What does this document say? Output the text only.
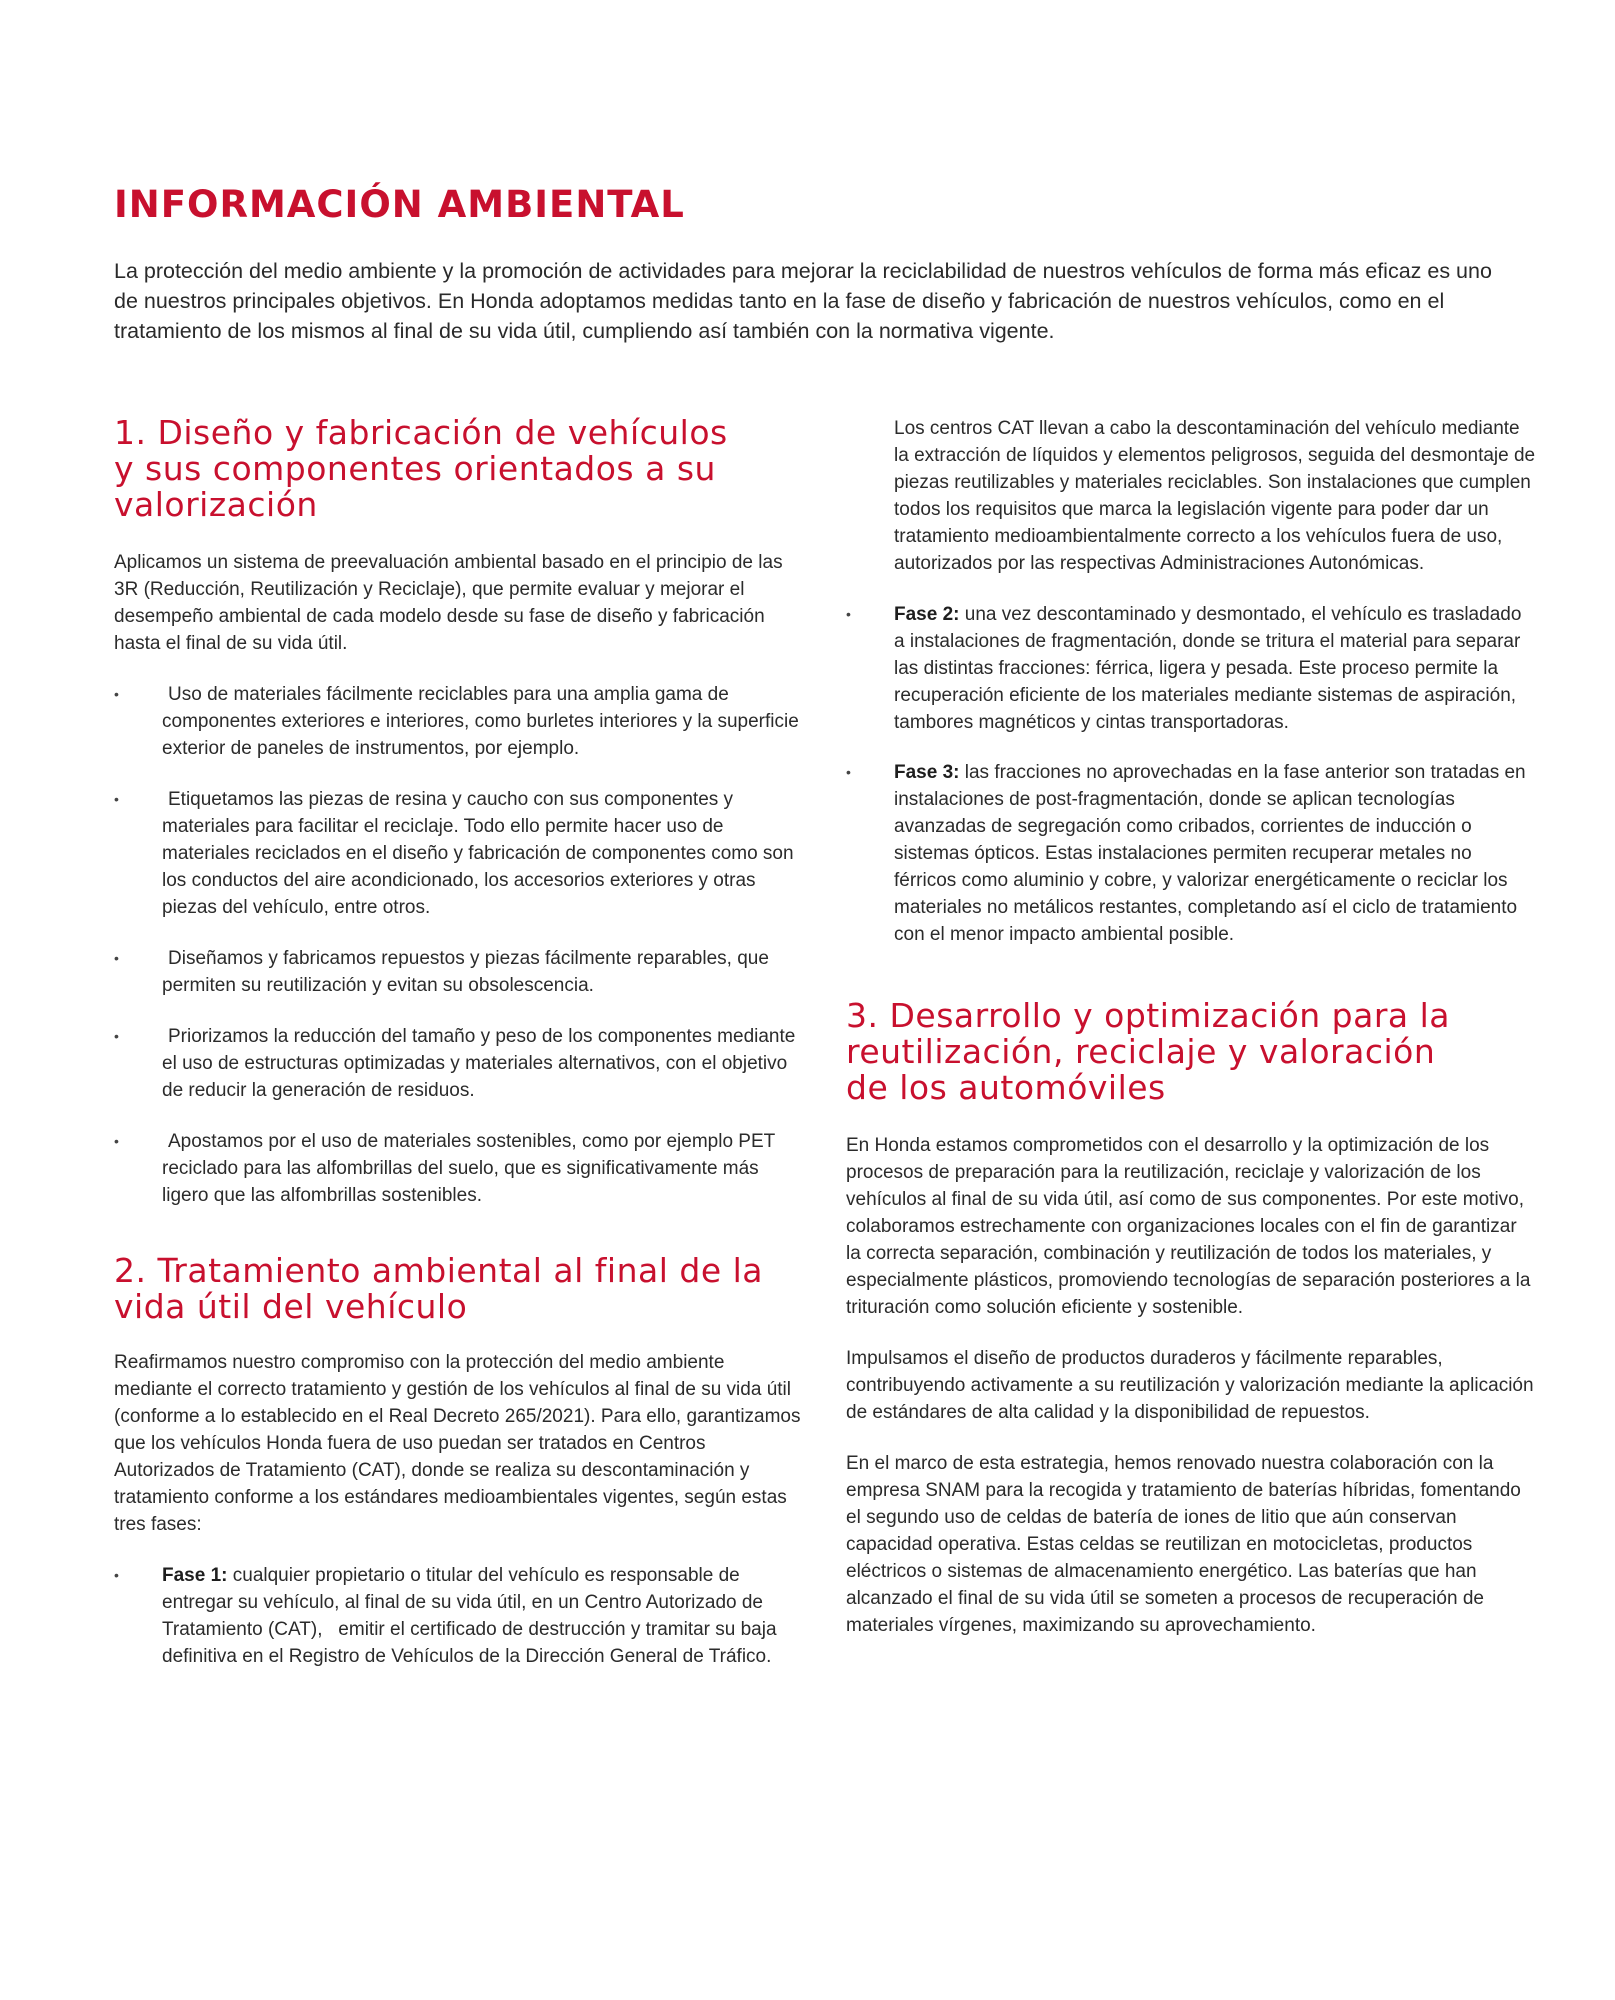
INFORMACIÓN AMBIENTAL

La protección del medio ambiente y la promoción de actividades para mejorar la reciclabilidad de nuestros vehículos de forma más eficaz es uno de nuestros principales objetivos. En Honda adoptamos medidas tanto en la fase de diseño y fabricación de nuestros vehículos, como en el tratamiento de los mismos al final de su vida útil, cumpliendo así también con la normativa vigente.

1. Diseño y fabricación de vehículos y sus componentes orientados a su valorización

Aplicamos un sistema de preevaluación ambiental basado en el principio de las 3R (Reducción, Reutilización y Reciclaje), que permite evaluar y mejorar el desempeño ambiental de cada modelo desde su fase de diseño y fabricación hasta el final de su vida útil.

•	Uso de materiales fácilmente reciclables para una amplia gama de componentes exteriores e interiores, como burletes interiores y la superficie exterior de paneles de instrumentos, por ejemplo.
•	Etiquetamos las piezas de resina y caucho con sus componentes y materiales para facilitar el reciclaje. Todo ello permite hacer uso de materiales reciclados en el diseño y fabricación de componentes como son los conductos del aire acondicionado, los accesorios exteriores y otras piezas del vehículo, entre otros.
•	Diseñamos y fabricamos repuestos y piezas fácilmente reparables, que permiten su reutilización y evitan su obsolescencia.
•	Priorizamos la reducción del tamaño y peso de los componentes mediante el uso de estructuras optimizadas y materiales alternativos, con el objetivo de reducir la generación de residuos.
•	Apostamos por el uso de materiales sostenibles, como por ejemplo PET reciclado para las alfombrillas del suelo, que es significativamente más ligero que las alfombrillas sostenibles.
2. Tratamiento ambiental al final de la vida útil del vehículo

Reafirmamos nuestro compromiso con la protección del medio ambiente mediante el correcto tratamiento y gestión de los vehículos al final de su vida útil (conforme a lo establecido en el Real Decreto 265/2021). Para ello, garantizamos que los vehículos Honda fuera de uso puedan ser tratados en Centros Autorizados de Tratamiento (CAT), donde se realiza su descontaminación y tratamiento conforme a los estándares medioambientales vigentes, según estas tres fases:

• Fase 1: cualquier propietario o titular del vehículo es responsable de entregar su vehículo, al final de su vida útil, en un Centro Autorizado de Tratamiento (CAT),   emitir el certificado de destrucción y tramitar su baja definitiva en el Registro de Vehículos de la Dirección General de Tráfico.

Los centros CAT llevan a cabo la descontaminación del vehículo mediante la extracción de líquidos y elementos peligrosos, seguida del desmontaje de piezas reutilizables y materiales reciclables. Son instalaciones que cumplen todos los requisitos que marca la legislación vigente para poder dar un tratamiento medioambientalmente correcto a los vehículos fuera de uso, autorizados por las respectivas Administraciones Autonómicas.

• Fase 2: una vez descontaminado y desmontado, el vehículo es trasladado a instalaciones de fragmentación, donde se tritura el material para separar las distintas fracciones: férrica, ligera y pesada. Este proceso permite la recuperación eficiente de los materiales mediante sistemas de aspiración, tambores magnéticos y cintas transportadoras.
• Fase 3: las fracciones no aprovechadas en la fase anterior son tratadas en instalaciones de post-fragmentación, donde se aplican tecnologías avanzadas de segregación como cribados, corrientes de inducción o sistemas ópticos. Estas instalaciones permiten recuperar metales no férricos como aluminio y cobre, y valorizar energéticamente o reciclar los materiales no metálicos restantes, completando así el ciclo de tratamiento con el menor impacto ambiental posible.
3. Desarrollo y optimización para la reutilización, reciclaje y valoración de los automóviles

En Honda estamos comprometidos con el desarrollo y la optimización de los procesos de preparación para la reutilización, reciclaje y valorización de los vehículos al final de su vida útil, así como de sus componentes. Por este motivo, colaboramos estrechamente con organizaciones locales con el fin de garantizar la correcta separación, combinación y reutilización de todos los materiales, y especialmente plásticos, promoviendo tecnologías de separación posteriores a la trituración como solución eficiente y sostenible.

Impulsamos el diseño de productos duraderos y fácilmente reparables, contribuyendo activamente a su reutilización y valorización mediante la aplicación de estándares de alta calidad y la disponibilidad de repuestos.

En el marco de esta estrategia, hemos renovado nuestra colaboración con la empresa SNAM para la recogida y tratamiento de baterías híbridas, fomentando el segundo uso de celdas de batería de iones de litio que aún conservan capacidad operativa. Estas celdas se reutilizan en motocicletas, productos eléctricos o sistemas de almacenamiento energético. Las baterías que han alcanzado el final de su vida útil se someten a procesos de recuperación de materiales vírgenes, maximizando su aprovechamiento.
